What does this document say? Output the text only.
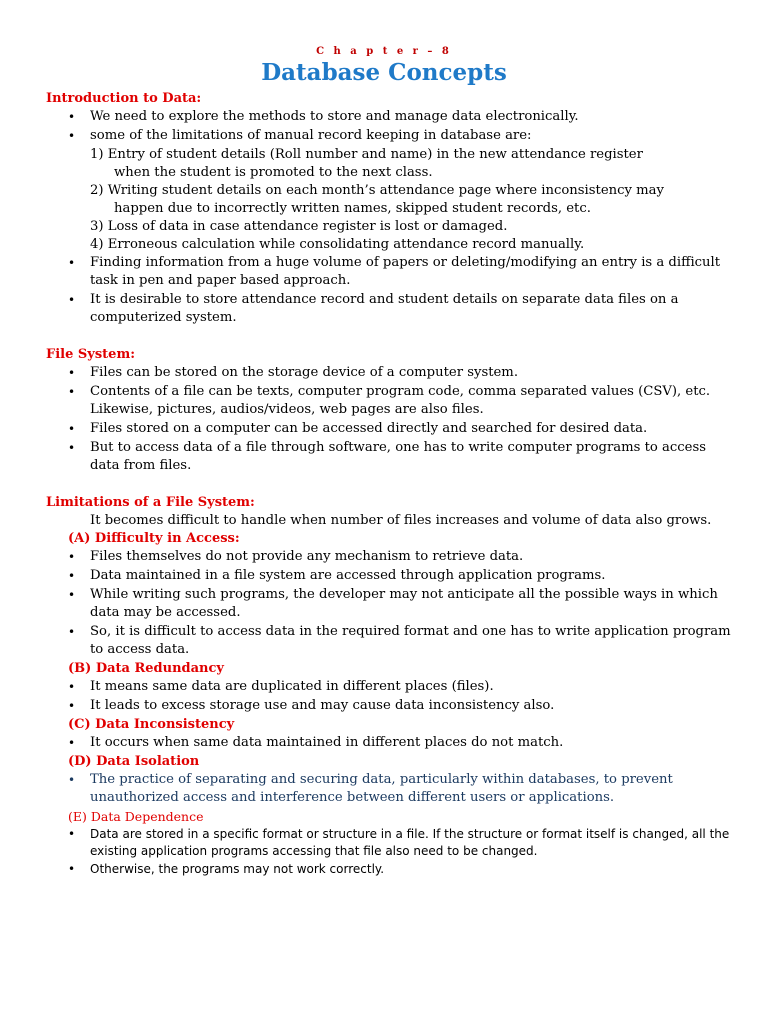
C h a p t e r – 8
Database Concepts

Introduction to Data:

• We need to explore the methods to store and manage data electronically.
• some of the limitations of manual record keeping in database are:

1) Entry of student details (Roll number and name) in the new attendance register
when the student is promoted to the next class.

2) Writing student details on each month’s attendance page where inconsistency may
happen due to incorrectly written names, skipped student records, etc.

3) Loss of data in case attendance register is lost or damaged.

4) Erroneous calculation while consolidating attendance record manually.

• Finding information from a huge volume of papers or deleting/modifying an entry is a difficult task in pen and paper based approach.
• It is desirable to store attendance record and student details on separate data files on a computerized system.

File System:

• Files can be stored on the storage device of a computer system.
• Contents of a file can be texts, computer program code, comma separated values (CSV), etc. Likewise, pictures, audios/videos, web pages are also files.
• Files stored on a computer can be accessed directly and searched for desired data.
• But to access data of a file through software, one has to write computer programs to access data from files.

Limitations of a File System:

It becomes difficult to handle when number of files increases and volume of data also grows.

(A) Difficulty in Access:

• Files themselves do not provide any mechanism to retrieve data.
• Data maintained in a file system are accessed through application programs.
• While writing such programs, the developer may not anticipate all the possible ways in which data may be accessed.
• So, it is difficult to access data in the required format and one has to write application program to access data.

(B) Data Redundancy

• It means same data are duplicated in different places (files).
• It leads to excess storage use and may cause data inconsistency also.

(C) Data Inconsistency

• It occurs when same data maintained in different places do not match.

(D) Data Isolation

• The practice of separating and securing data, particularly within databases, to prevent unauthorized access and interference between different users or applications.

(E) Data Dependence

• Data are stored in a specific format or structure in a file. If the structure or format itself is changed, all the existing application programs accessing that file also need to be changed.
• Otherwise, the programs may not work correctly.
